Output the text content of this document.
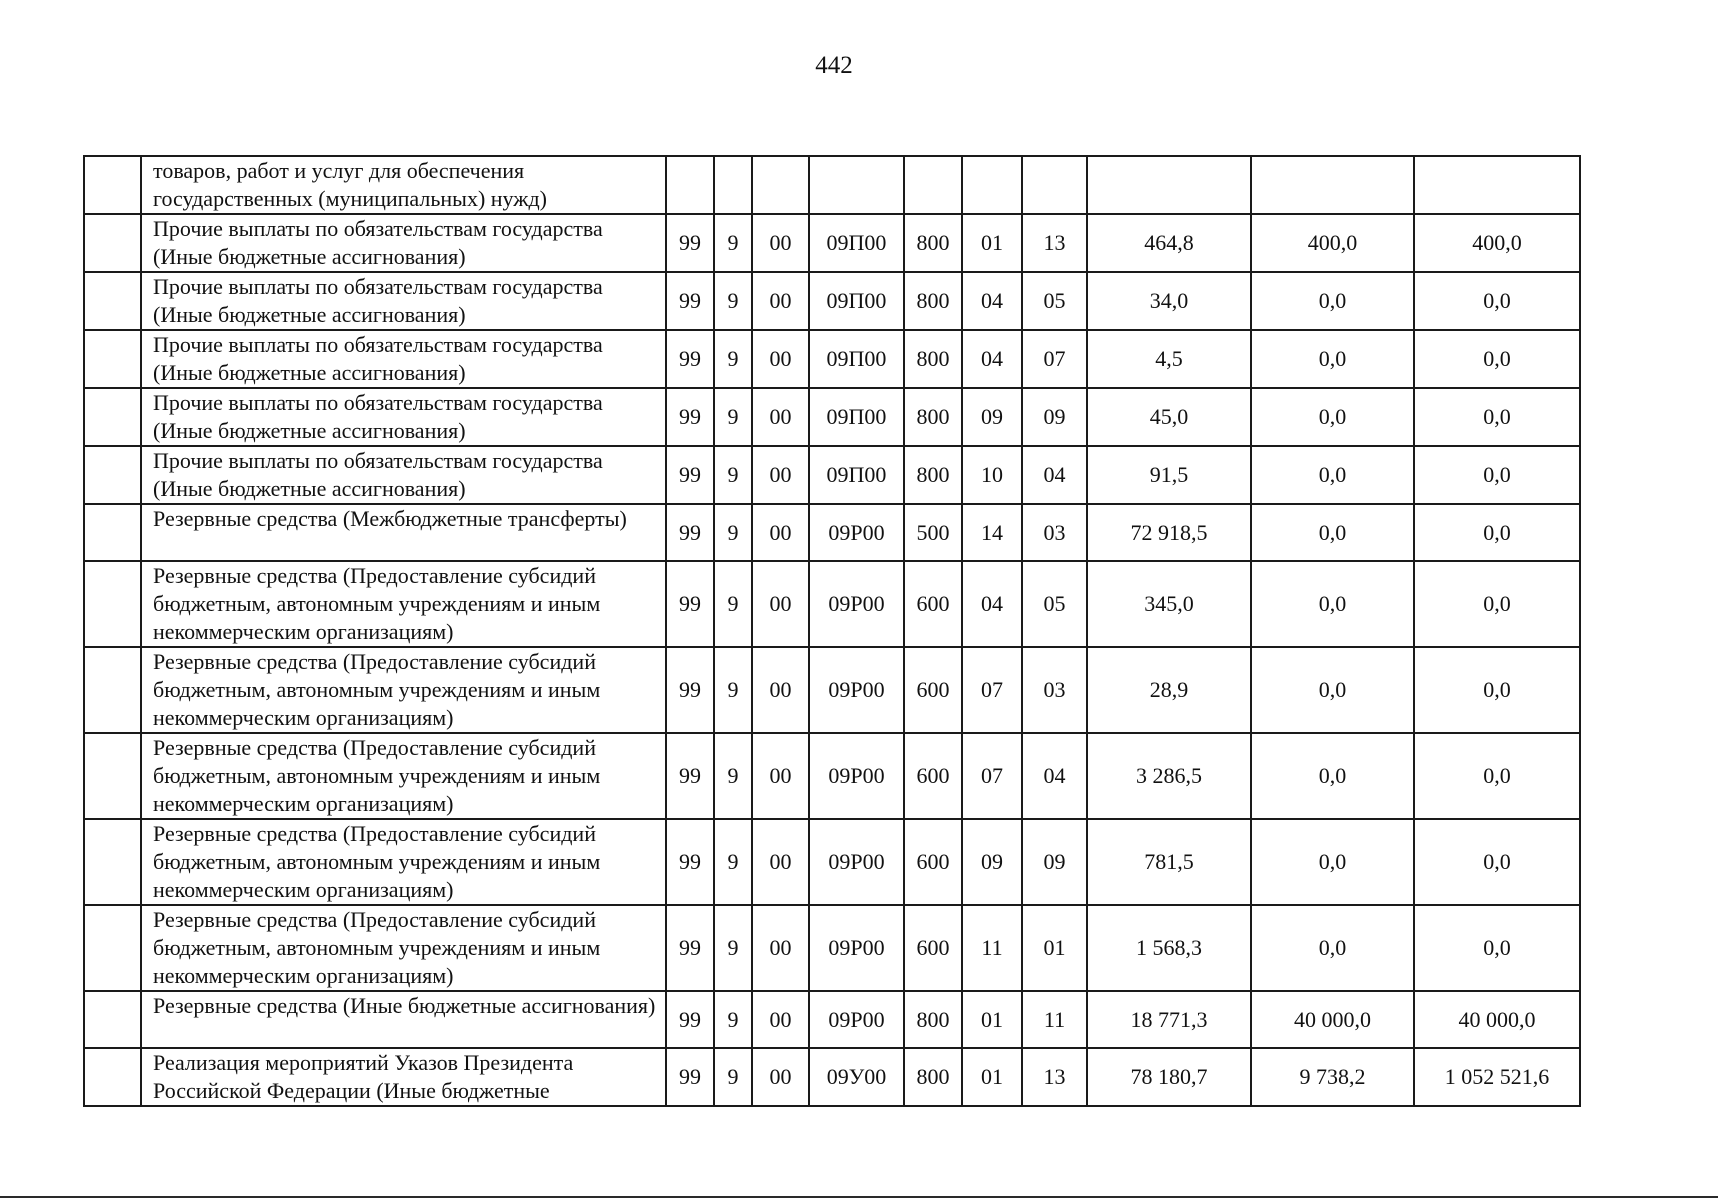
442
	товаров, работ и услуг для обеспечения государственных (муниципальных) нужд)										
	Прочие выплаты по обязательствам государства (Иные бюджетные ассигнования)	99	9	00	09П00	800	01	13	464,8	400,0	400,0
	Прочие выплаты по обязательствам государства (Иные бюджетные ассигнования)	99	9	00	09П00	800	04	05	34,0	0,0	0,0
	Прочие выплаты по обязательствам государства (Иные бюджетные ассигнования)	99	9	00	09П00	800	04	07	4,5	0,0	0,0
	Прочие выплаты по обязательствам государства (Иные бюджетные ассигнования)	99	9	00	09П00	800	09	09	45,0	0,0	0,0
	Прочие выплаты по обязательствам государства (Иные бюджетные ассигнования)	99	9	00	09П00	800	10	04	91,5	0,0	0,0
	Резервные средства (Межбюджетные трансферты)	99	9	00	09Р00	500	14	03	72 918,5	0,0	0,0
	Резервные средства (Предоставление субсидий бюджетным, автономным учреждениям и иным некоммерческим организациям)	99	9	00	09Р00	600	04	05	345,0	0,0	0,0
	Резервные средства (Предоставление субсидий бюджетным, автономным учреждениям и иным некоммерческим организациям)	99	9	00	09Р00	600	07	03	28,9	0,0	0,0
	Резервные средства (Предоставление субсидий бюджетным, автономным учреждениям и иным некоммерческим организациям)	99	9	00	09Р00	600	07	04	3 286,5	0,0	0,0
	Резервные средства (Предоставление субсидий бюджетным, автономным учреждениям и иным некоммерческим организациям)	99	9	00	09Р00	600	09	09	781,5	0,0	0,0
	Резервные средства (Предоставление субсидий бюджетным, автономным учреждениям и иным некоммерческим организациям)	99	9	00	09Р00	600	11	01	1 568,3	0,0	0,0
	Резервные средства (Иные бюджетные ассигнования)	99	9	00	09Р00	800	01	11	18 771,3	40 000,0	40 000,0
	Реализация мероприятий Указов Президента Российской Федерации (Иные бюджетные	99	9	00	09У00	800	01	13	78 180,7	9 738,2	1 052 521,6
